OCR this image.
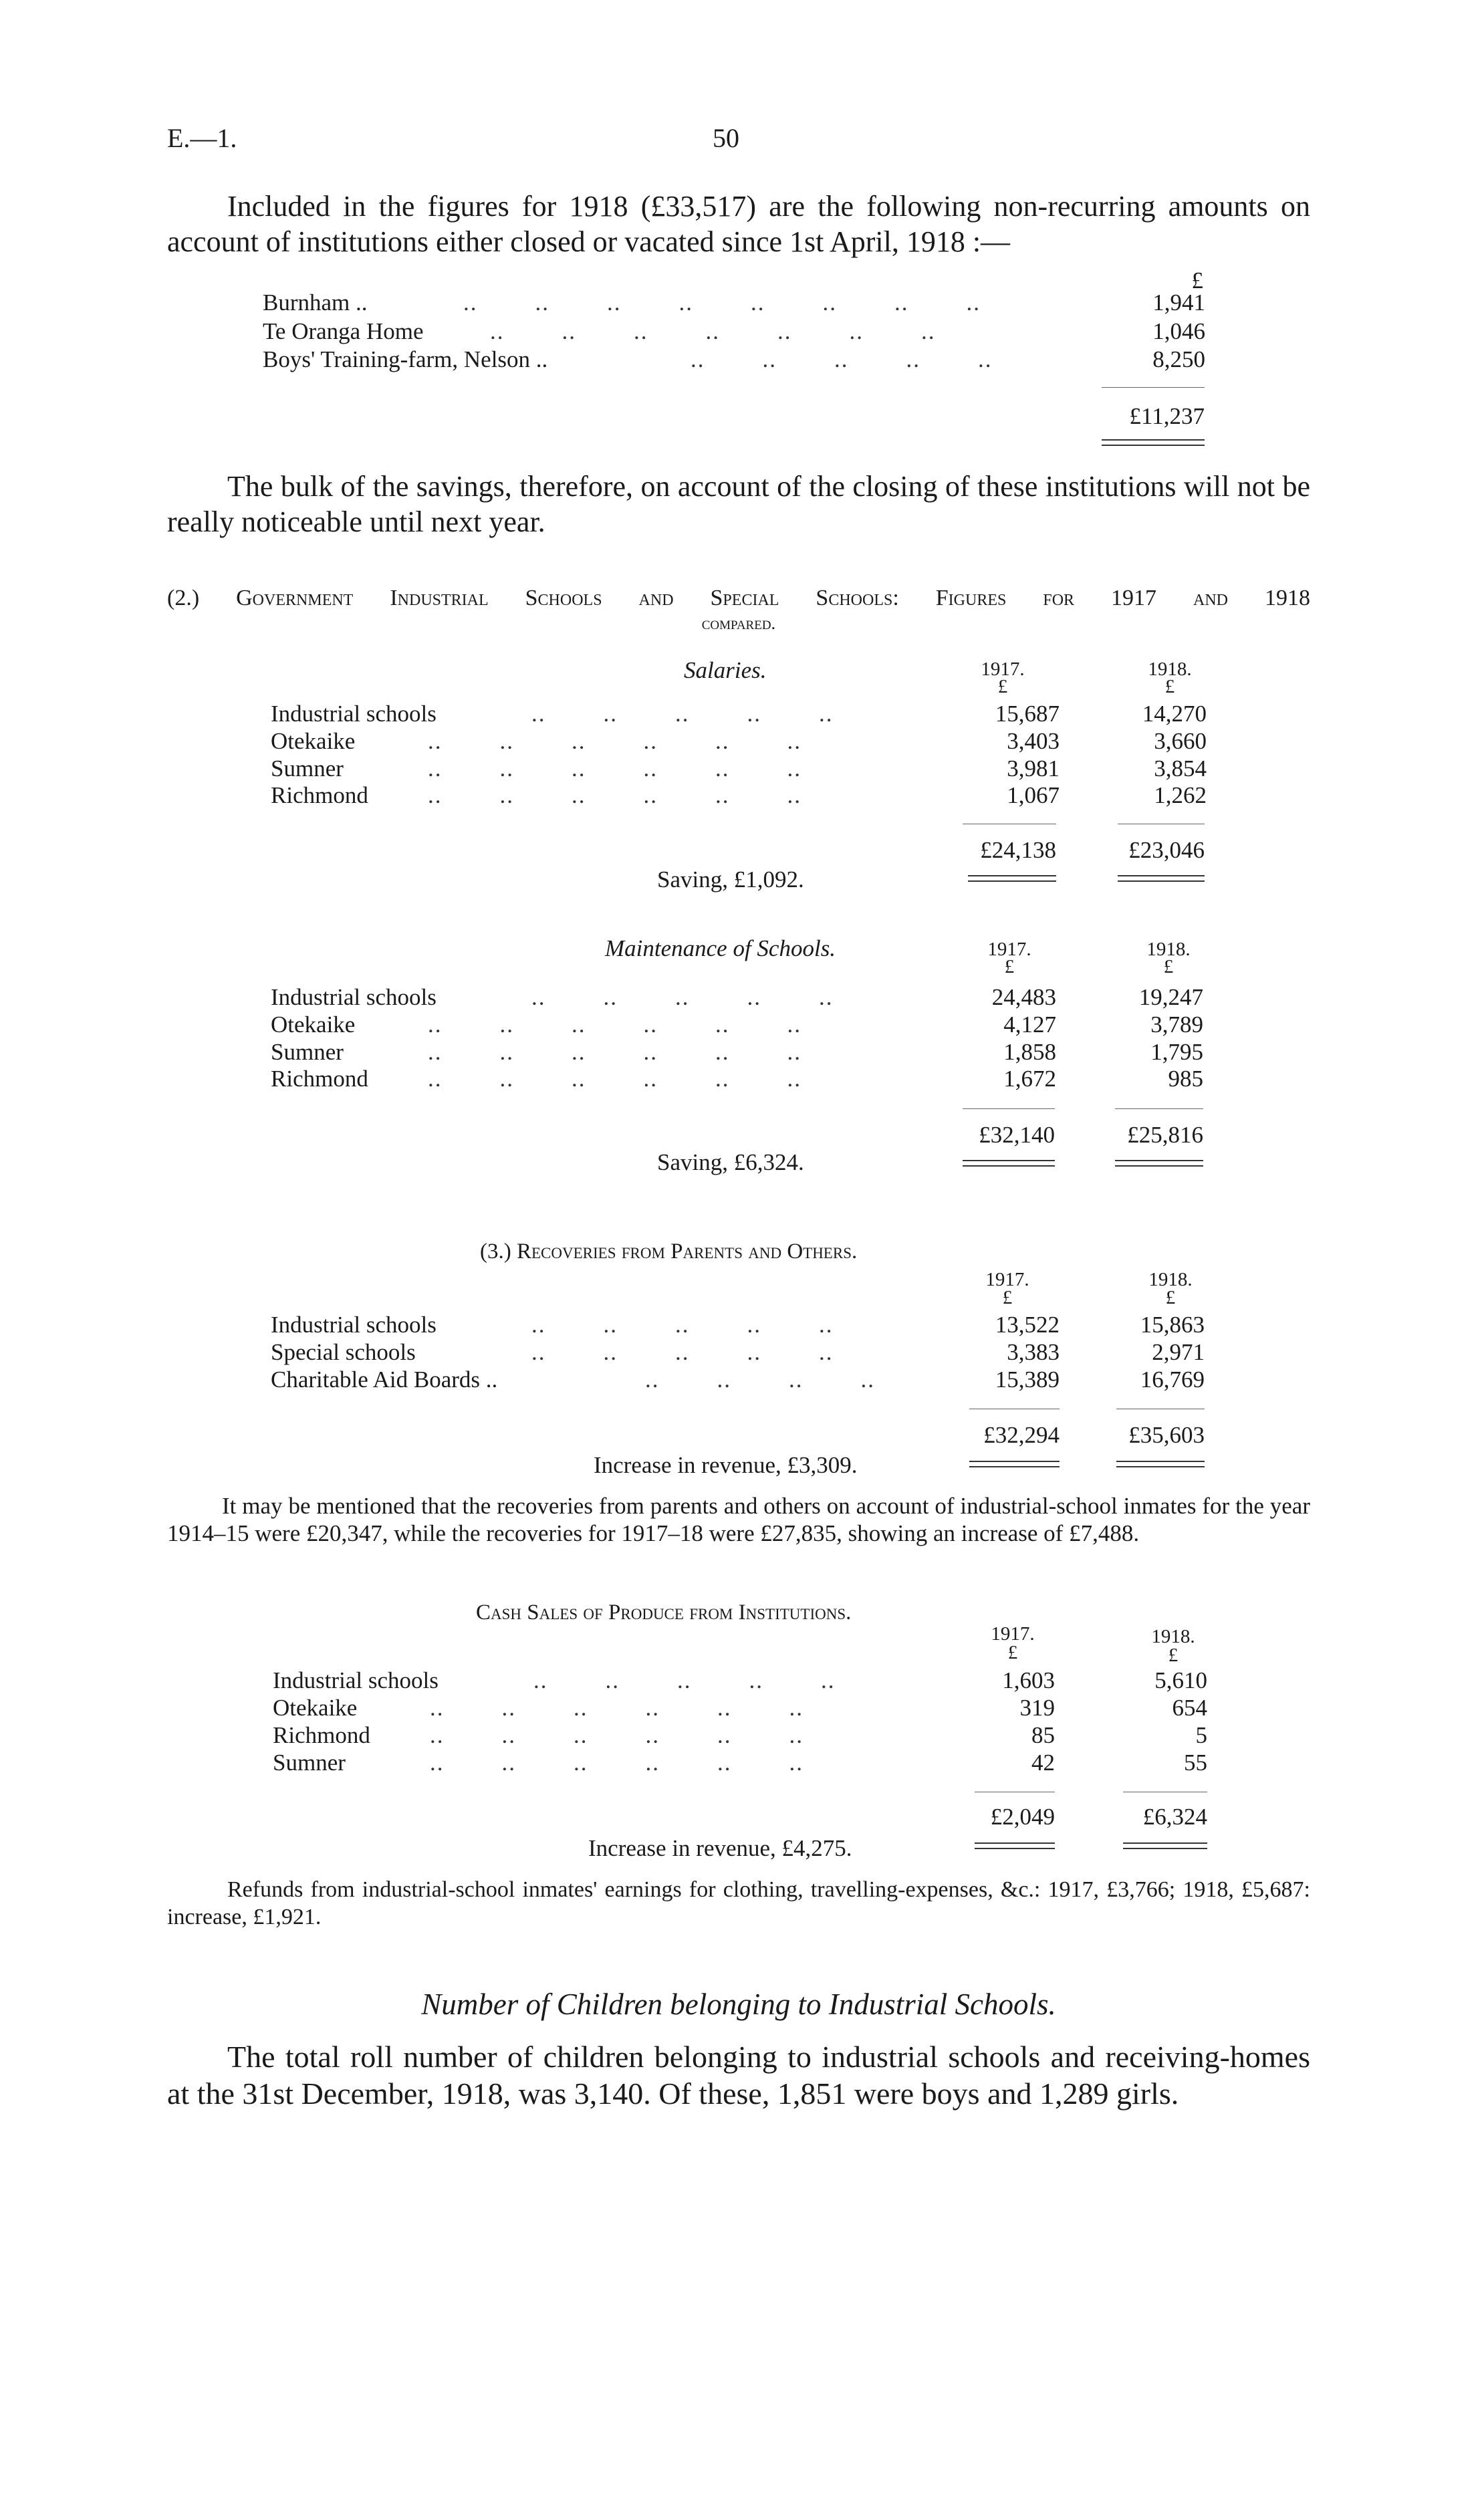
E.—1.	50
Included in the figures for 1918 (£33,517) are the following non-recurring amounts on account of institutions either closed or vacated since 1st April, 1918 :—
£
Burnham ..	..        ..        ..        ..        ..        ..        ..        ..	1,941
Te Oranga Home	..        ..        ..        ..        ..        ..        ..	1,046
Boys' Training-farm, Nelson ..	..        ..        ..        ..        ..	8,250
£11,237
The bulk of the savings, therefore, on account of the closing of these institutions will not be really noticeable until next year.
(2.) Government Industrial Schools and Special Schools: Figures for 1917 and 1918
compared.
Salaries.	1917.	1918.
£	£
Industrial schools	..        ..        ..        ..        ..	15,687	14,270
Otekaike	..        ..        ..        ..        ..        ..	3,403	3,660
Sumner	..        ..        ..        ..        ..        ..	3,981	3,854
Richmond	..        ..        ..        ..        ..        ..	1,067	1,262
£24,138	£23,046
Saving, £1,092.
Maintenance of Schools.	1917.	1918.
£	£
Industrial schools	..        ..        ..        ..        ..	24,483	19,247
Otekaike	..        ..        ..        ..        ..        ..	4,127	3,789
Sumner	..        ..        ..        ..        ..        ..	1,858	1,795
Richmond	..        ..        ..        ..        ..        ..	1,672	985
£32,140	£25,816
Saving, £6,324.
(3.) Recoveries from Parents and Others.
1917.	1918.
£	£
Industrial schools	..        ..        ..        ..        ..	13,522	15,863
Special schools	..        ..        ..        ..        ..	3,383	2,971
Charitable Aid Boards ..	..        ..        ..        ..	15,389	16,769
£32,294	£35,603
Increase in revenue, £3,309.
It may be mentioned that the recoveries from parents and others on account of industrial-school inmates for the year 1914–15 were £20,347, while the recoveries for 1917–18 were £27,835, showing an increase of £7,488.
Cash Sales of Produce from Institutions.
1917.	1918.
£	£
Industrial schools	..        ..        ..        ..        ..	1,603	5,610
Otekaike	..        ..        ..        ..        ..        ..	319	654
Richmond	..        ..        ..        ..        ..        ..	85	5
Sumner	..        ..        ..        ..        ..        ..	42	55
£2,049	£6,324
Increase in revenue, £4,275.
Refunds from industrial-school inmates' earnings for clothing, travelling-expenses, &c.: 1917, £3,766; 1918, £5,687: increase, £1,921.
Number of Children belonging to Industrial Schools.
The total roll number of children belonging to industrial schools and receiving-homes at the 31st December, 1918, was 3,140. Of these, 1,851 were boys and 1,289 girls.
